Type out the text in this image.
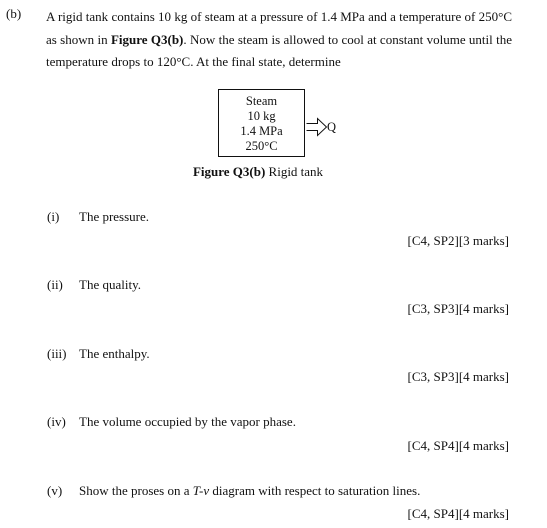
(b) A rigid tank contains 10 kg of steam at a pressure of 1.4 MPa and a temperature of 250°C as shown in Figure Q3(b). Now the steam is allowed to cool at constant volume until the temperature drops to 120°C. At the final state, determine

Steam
10 kg
1.4 MPa
250°C
Q
Figure Q3(b) Rigid tank
(i) The pressure.
[C4, SP2][3 marks]
(ii) The quality.
[C3, SP3][4 marks]
(iii) The enthalpy.
[C3, SP3][4 marks]
(iv) The volume occupied by the vapor phase.
[C4, SP4][4 marks]
(v) Show the proses on a T-v diagram with respect to saturation lines.
[C4, SP4][4 marks]
